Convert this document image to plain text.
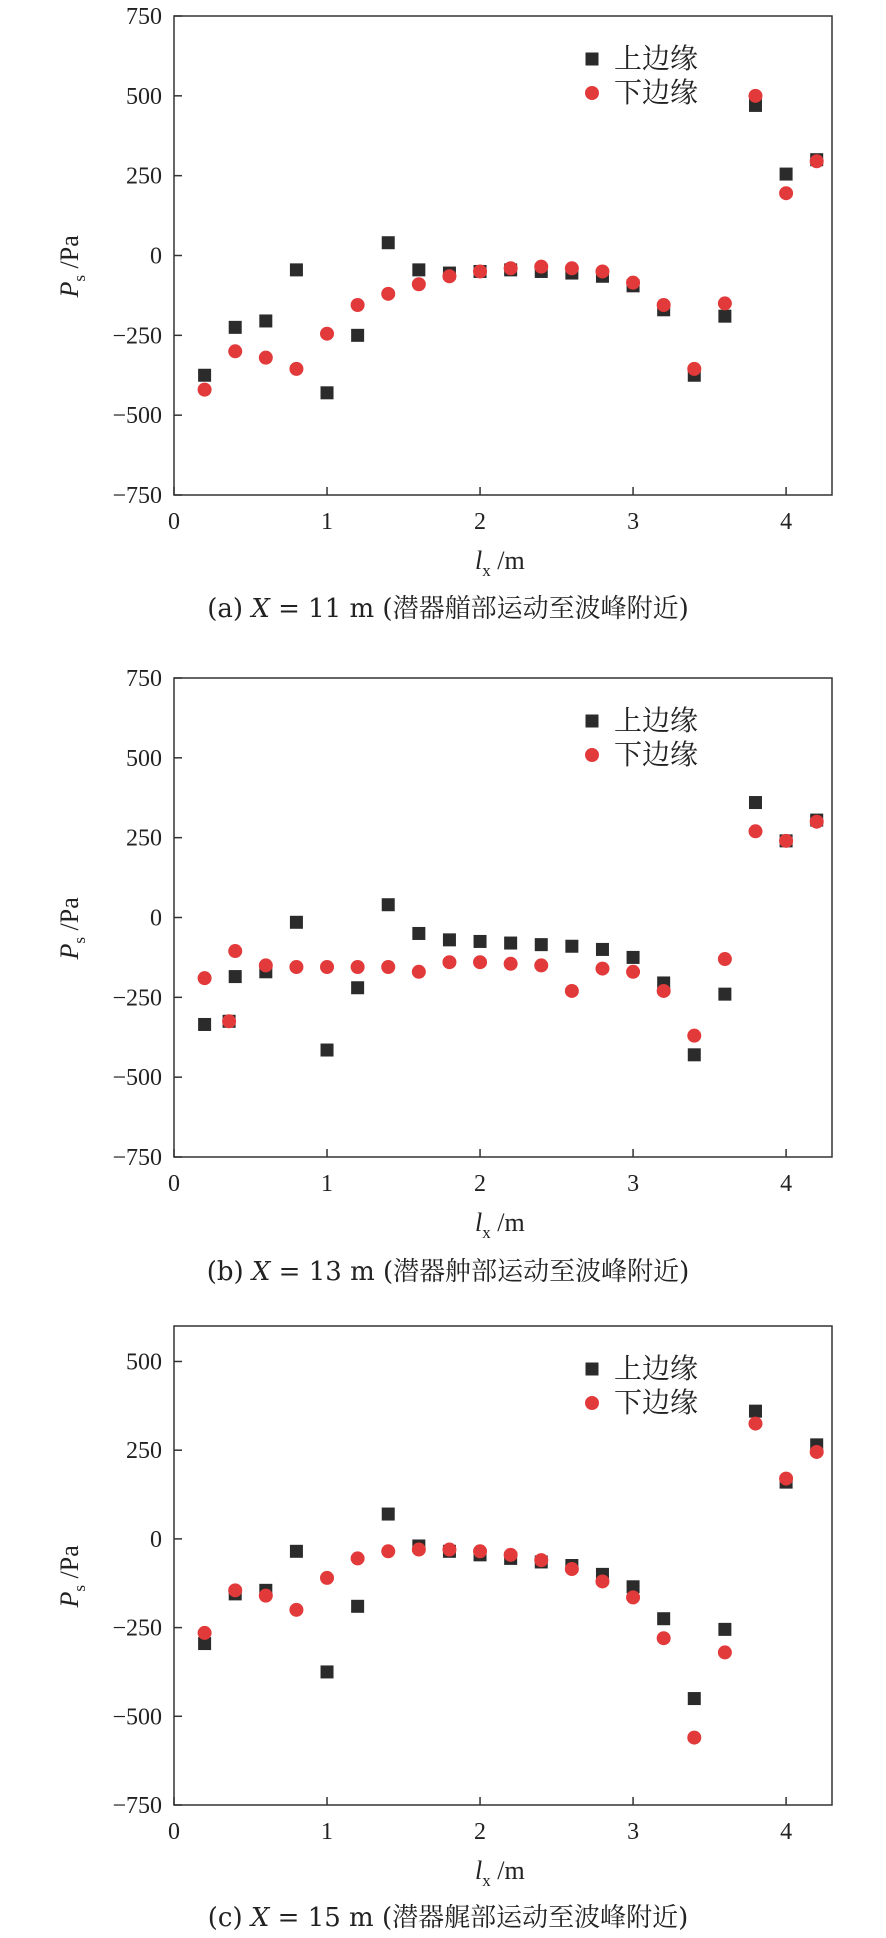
0	1	2	3	4
−750
−500
−250
0
250
500
750
$l_x$ /m
$P_s$ /Pa
上边缘
下边缘
(a) X = 11 m (潜器艏部运动至波峰附近)
0	1	2	3	4
−750
−500
−250
0
250
500
750
$l_x$ /m
$P_s$ /Pa
上边缘
下边缘
(b) X = 13 m (潜器舯部运动至波峰附近)
0	1	2	3	4
−750
−500
−250
0
250
500
$l_x$ /m
$P_s$ /Pa
上边缘
下边缘
(c) X = 15 m (潜器艉部运动至波峰附近)
